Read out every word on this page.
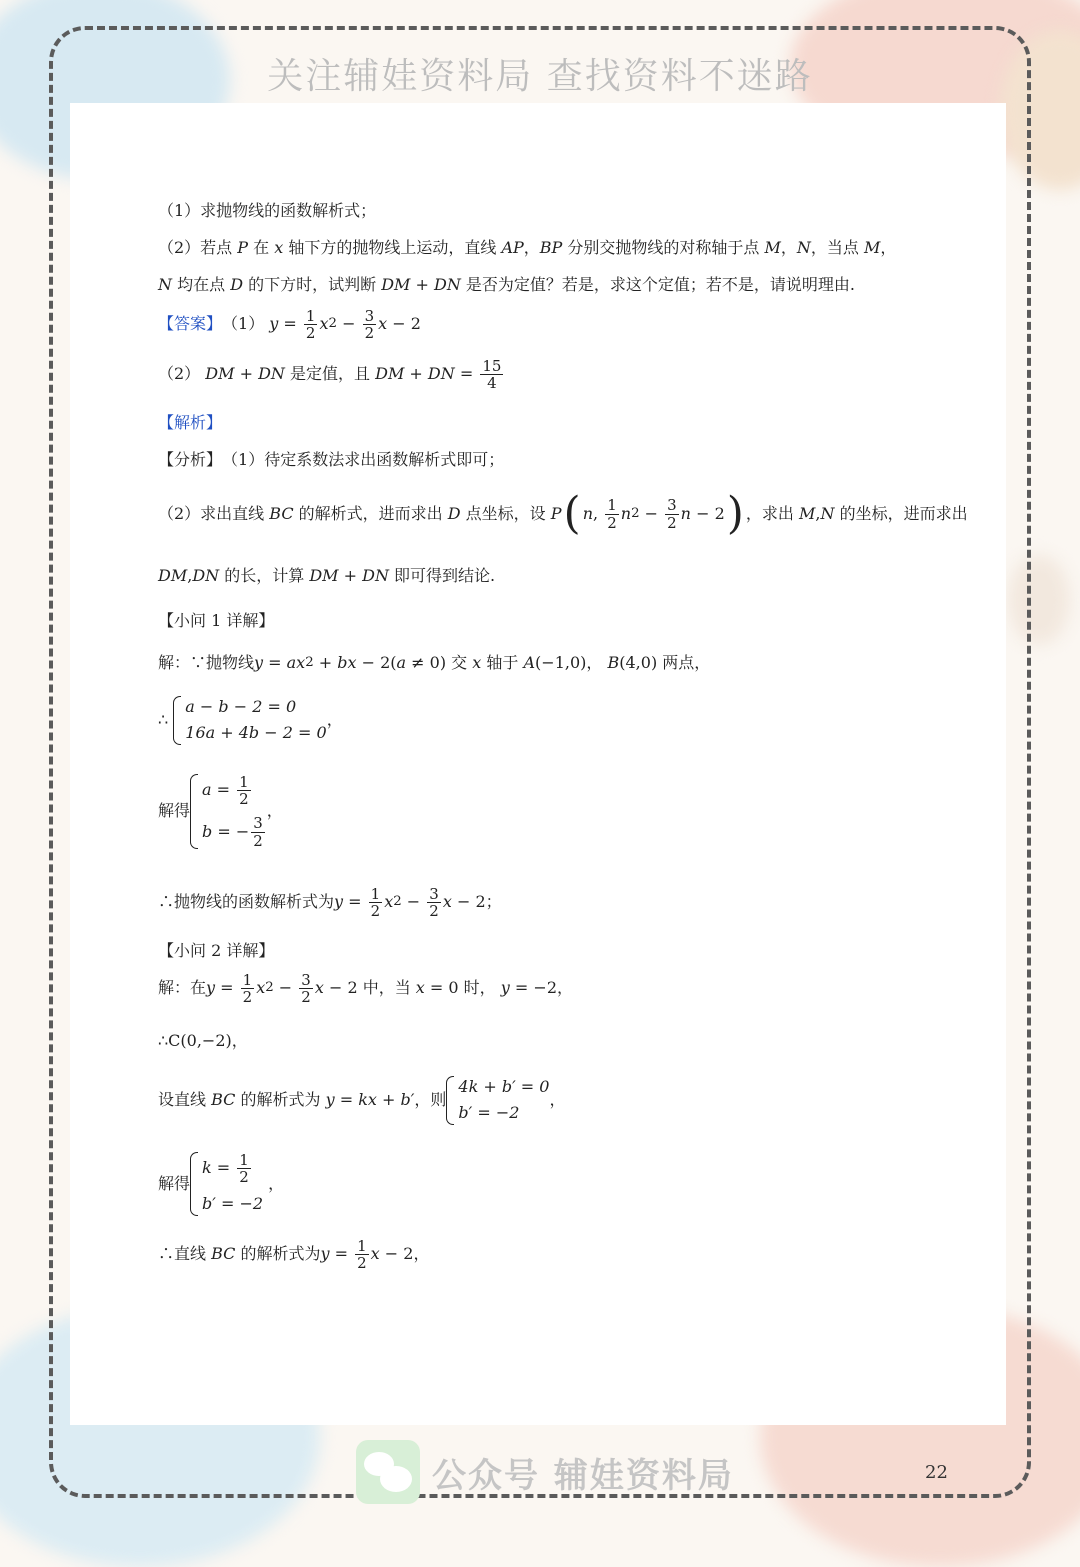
关注辅娃资料局 查找资料不迷路
（1）求抛物线的函数解析式；
（2）若点 P 在 x 轴下方的抛物线上运动，直线 AP ， BP
分别交抛物线的对称轴于点 M ， N ，当点 M ，
N
均在点 D 的下方时，试判断 DM + DN
是否为定值？若是，求这个定值；若不是，请说明理由.
【答案】 （1）
$y = \frac{1}{2}$ x $2 - \frac{3}{2}$ x − 2
（2）
DM + DN
是定值，且
DM + DN = $\frac{15}{4}$
【解析】
【分析】 （1）待定系数法求出函数解析式即可；
（2）求出直线 BC 的解析式，进而求出 D 点坐标，设 P ( n , $\frac{1}{2}$ n $2 - \frac{3}{2}$ n − 2 ) ，求出 M , N
的坐标，进而求出
DM , DN
的长，计算 DM + DN
即可得到结论.
【小问 1 详解】
解：∵抛物线 y = ax 2 + bx − 2( a ≠ 0) 交 x 轴于 A (−1,0)， B (4,0) 两点，
∴
a − b − 2 = 0
16a + 4b − 2 = 0
，
解得
$a = \frac{1}{2}$
b = − $\frac{3}{2}$
，
∴抛物线的函数解析式为 $y = \frac{1}{2}$ x $2 - \frac{3}{2}$ x − 2；
【小问 2 详解】
解：在 $y = \frac{1}{2}$ x $2 - \frac{3}{2}$ x − 2 中，当 x = 0 时，
y = −2，
∴C(0,−2)，
设直线 BC 的解析式为 y = kx + b′ ，则
4k + b′ = 0
b′ = −2
，
解得
$k = \frac{1}{2}$
b′ = −2
，
∴直线 BC 的解析式为 $y = \frac{1}{2}$ x − 2，
公众号 辅娃资料局	22
